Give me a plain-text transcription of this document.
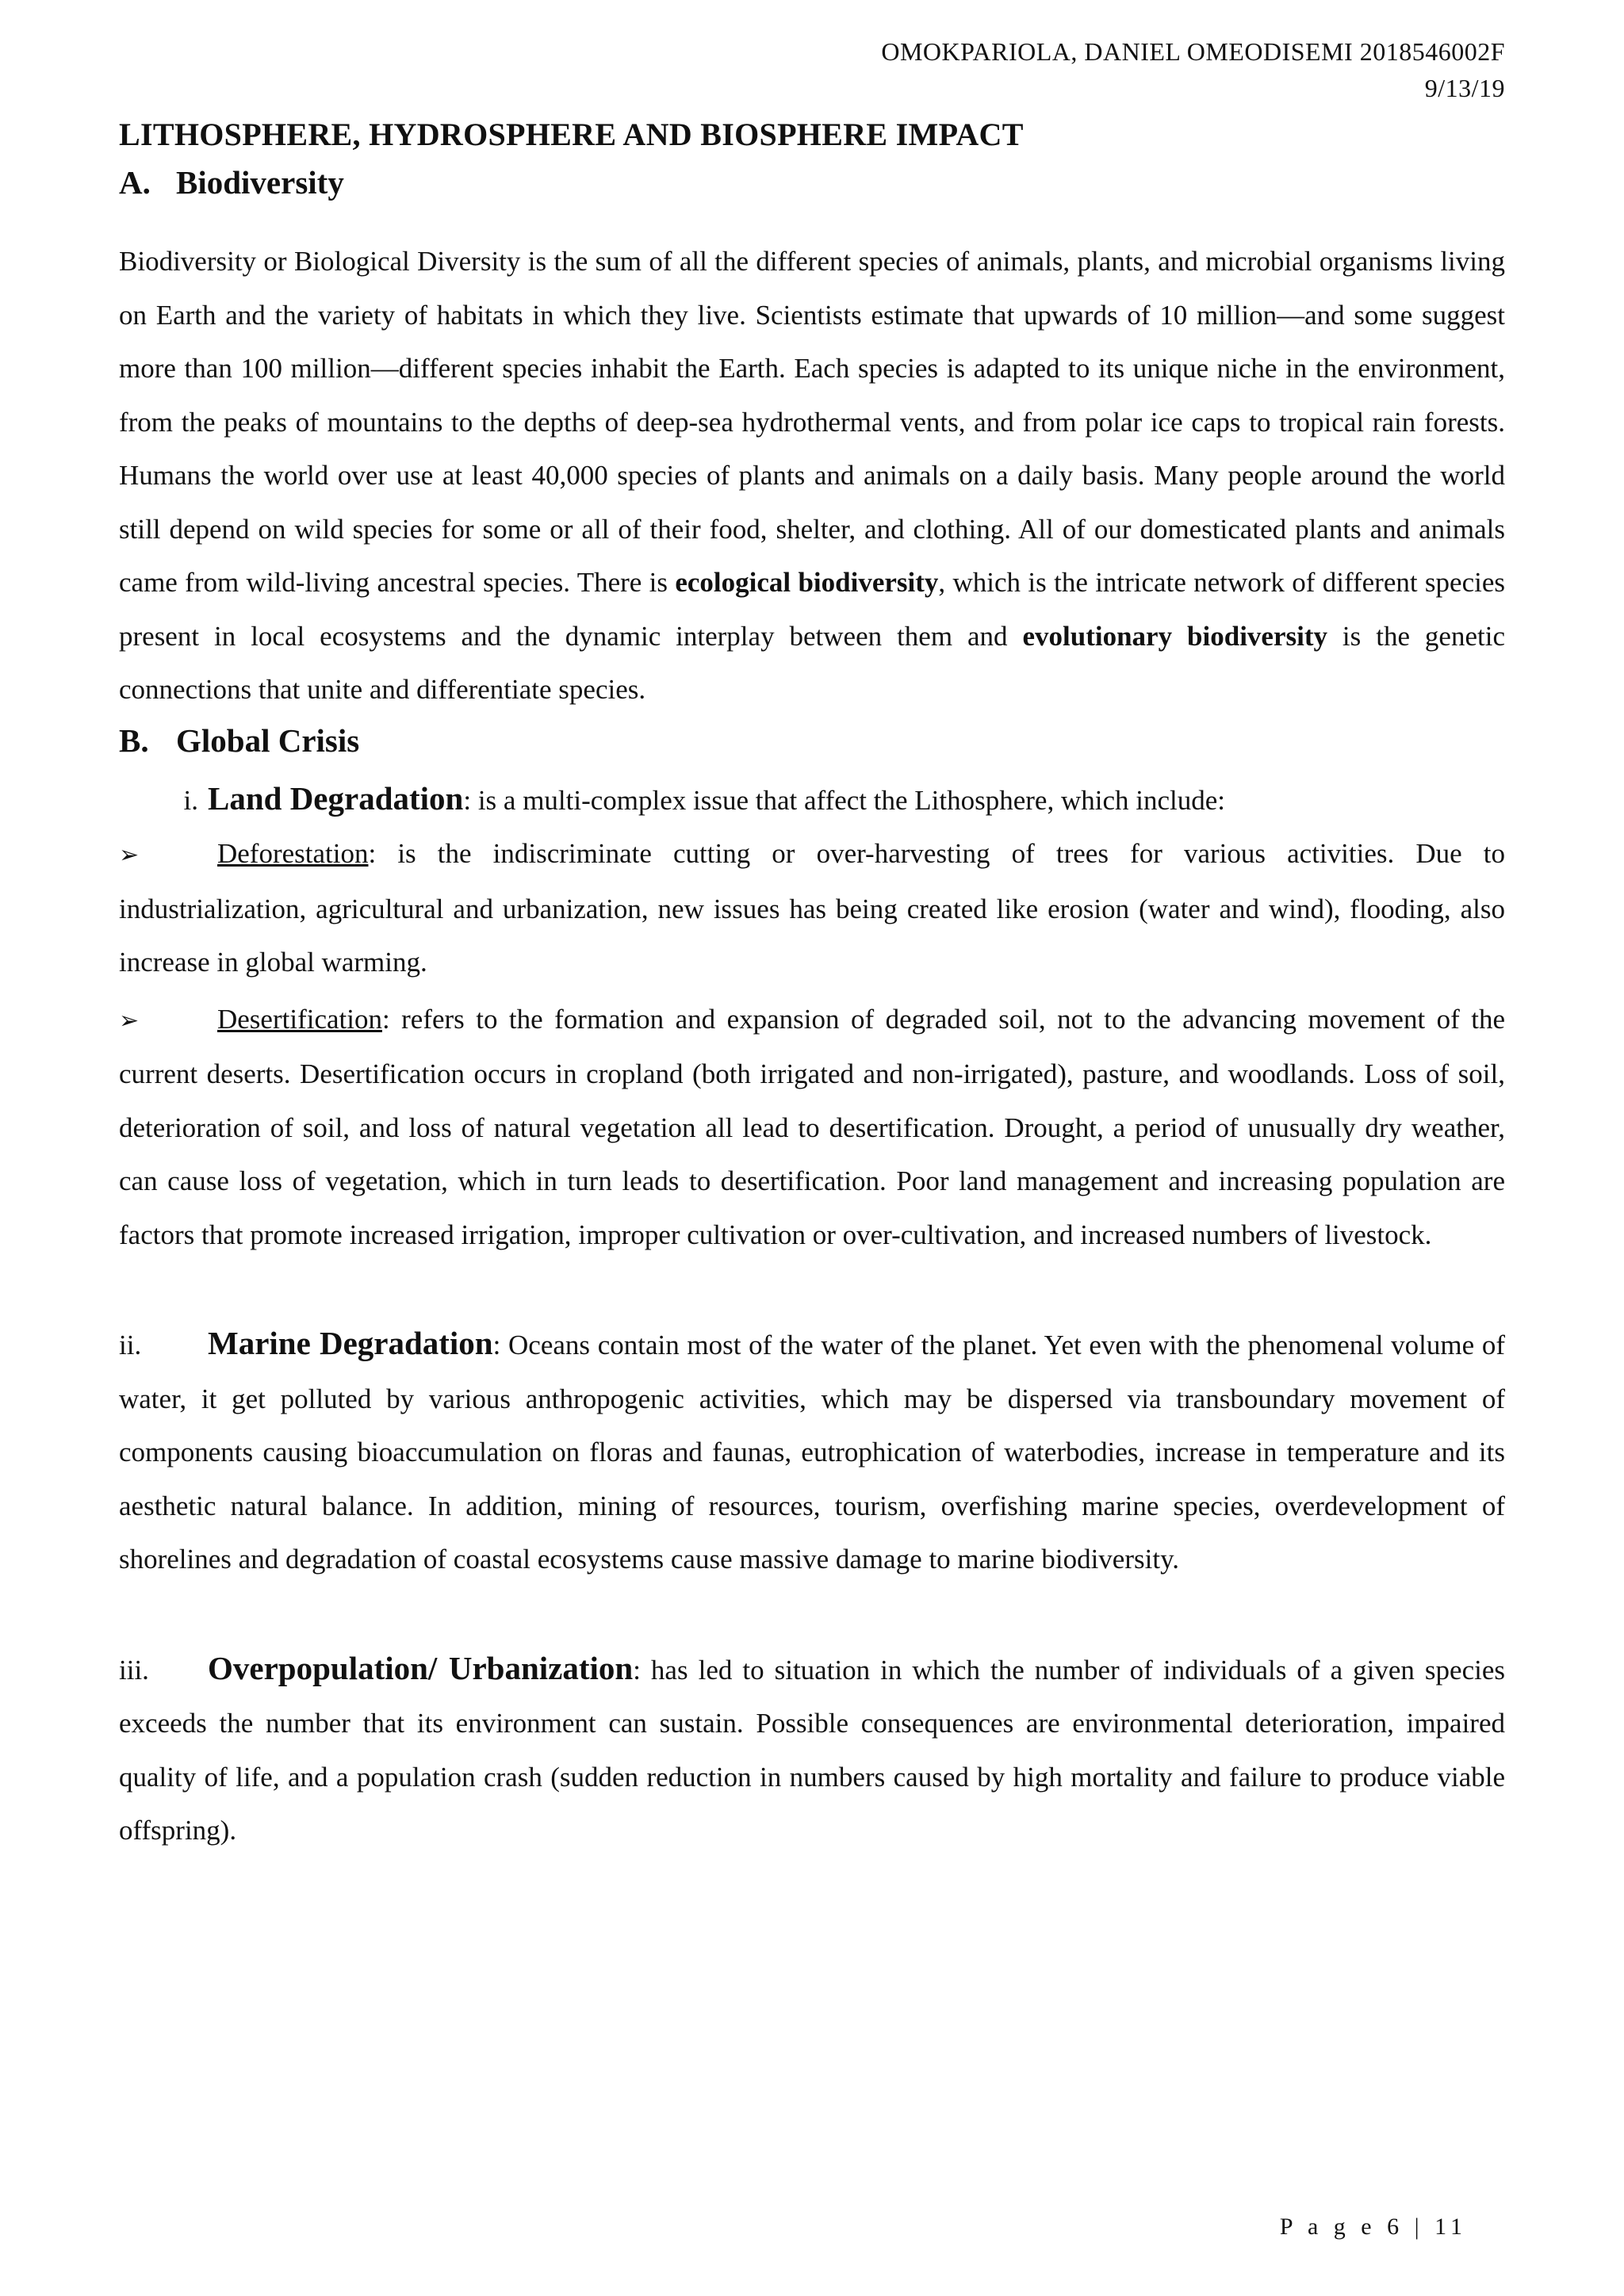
OMOKPARIOLA, DANIEL OMEODISEMI 2018546002F
9/13/19
LITHOSPHERE, HYDROSPHERE AND BIOSPHERE IMPACT
A. Biodiversity

Biodiversity or Biological Diversity is the sum of all the different species of animals, plants, and microbial organisms living on Earth and the variety of habitats in which they live. Scientists estimate that upwards of 10 million—and some suggest more than 100 million—different species inhabit the Earth. Each species is adapted to its unique niche in the environment, from the peaks of mountains to the depths of deep-sea hydrothermal vents, and from polar ice caps to tropical rain forests. Humans the world over use at least 40,000 species of plants and animals on a daily basis. Many people around the world still depend on wild species for some or all of their food, shelter, and clothing. All of our domesticated plants and animals came from wild-living ancestral species. There is ecological biodiversity, which is the intricate network of different species present in local ecosystems and the dynamic interplay between them and evolutionary biodiversity is the genetic connections that unite and differentiate species.

B. Global Crisis
i. Land Degradation: is a multi-complex issue that affect the Lithosphere, which include:

➢	Deforestation: is the indiscriminate cutting or over-harvesting of trees for various activities. Due to industrialization, agricultural and urbanization, new issues has being created like erosion (water and wind), flooding, also increase in global warming.

➢	Desertification: refers to the formation and expansion of degraded soil, not to the advancing movement of the current deserts. Desertification occurs in cropland (both irrigated and non-irrigated), pasture, and woodlands. Loss of soil, deterioration of soil, and loss of natural vegetation all lead to desertification. Drought, a period of unusually dry weather, can cause loss of vegetation, which in turn leads to desertification. Poor land management and increasing population are factors that promote increased irrigation, improper cultivation or over-cultivation, and increased numbers of livestock.

ii. Marine Degradation: Oceans contain most of the water of the planet. Yet even with the phenomenal volume of water, it get polluted by various anthropogenic activities, which may be dispersed via transboundary movement of components causing bioaccumulation on floras and faunas, eutrophication of waterbodies, increase in temperature and its aesthetic natural balance. In addition, mining of resources, tourism, overfishing marine species, overdevelopment of shorelines and degradation of coastal ecosystems cause massive damage to marine biodiversity.

iii. Overpopulation/ Urbanization: has led to situation in which the number of individuals of a given species exceeds the number that its environment can sustain. Possible consequences are environmental deterioration, impaired quality of life, and a population crash (sudden reduction in numbers caused by high mortality and failure to produce viable offspring).

P a g e 6 | 11
